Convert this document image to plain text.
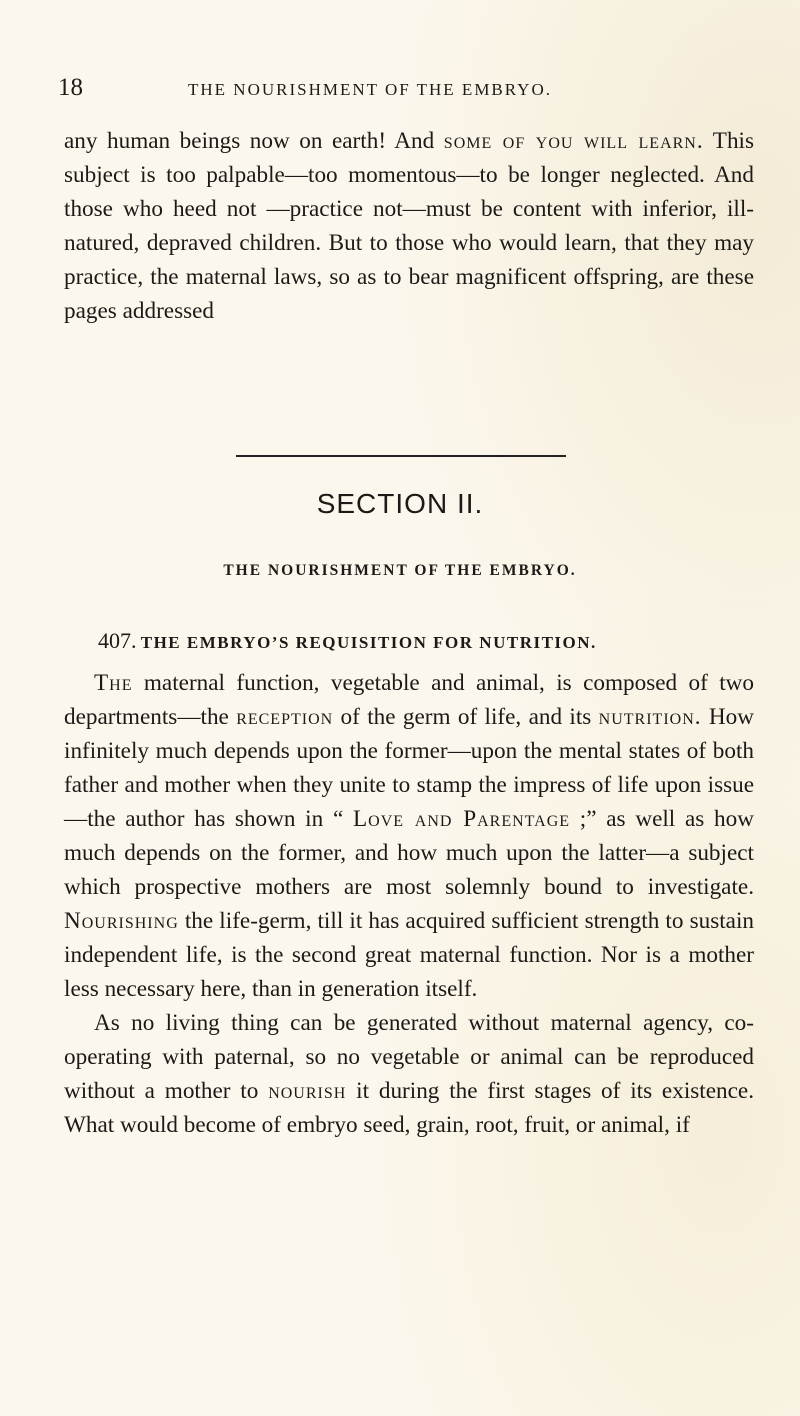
18	THE NOURISHMENT OF THE EMBRYO.

any human beings now on earth! And some of you will learn. This subject is too palpable—too momentous—to be longer neglected. And those who heed not —practice not—must be content with inferior, ill-natured, depraved children. But to those who would learn, that they may practice, the maternal laws, so as to bear magnificent offspring, are these pages addressed

SECTION II.
THE NOURISHMENT OF THE EMBRYO.
407. THE EMBRYO’S REQUISITION FOR NUTRITION.

The maternal function, vegetable and animal, is composed of two departments—the reception of the germ of life, and its nutrition. How infinitely much depends upon the former—upon the mental states of both father and mother when they unite to stamp the impress of life upon issue—the author has shown in “ Love and Parentage ;” as well as how much depends on the former, and how much upon the latter—a subject which prospective mothers are most solemnly bound to investigate. Nourishing the life-germ, till it has acquired sufficient strength to sustain independent life, is the second great maternal function. Nor is a mother less necessary here, than in generation itself.

As no living thing can be generated without maternal agency, co-operating with paternal, so no vegetable or animal can be reproduced without a mother to nourish it during the first stages of its existence. What would become of embryo seed, grain, root, fruit, or animal, if
